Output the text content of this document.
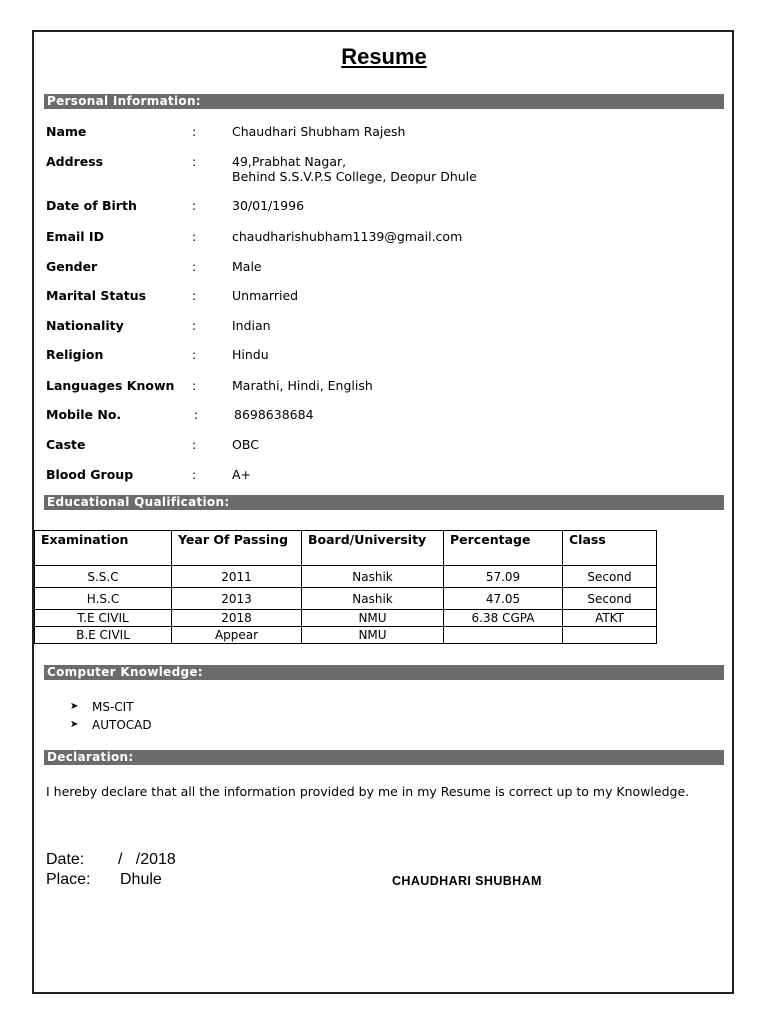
Resume
Personal Information:
Name	:	Chaudhari Shubham Rajesh
Address	:	49,Prabhat Nagar,
Behind S.S.V.P.S College, Deopur Dhule
Date of Birth	:	30/01/1996
Email ID	:	chaudharishubham1139@gmail.com
Gender	:	Male
Marital Status	:	Unmarried
Nationality	:	Indian
Religion	:	Hindu
Languages Known :	Marathi, Hindi, English
Mobile No.	:	8698638684
Caste	:	OBC
Blood Group	:	A+
Educational Qualification:
Examination	Year Of Passing	Board/University	Percentage	Class
S.S.C	2011	Nashik	57.09	Second
H.S.C	2013	Nashik	47.05	Second
T.E CIVIL	2018	NMU	6.38 CGPA	ATKT
B.E CIVIL	Appear	NMU		
Computer Knowledge:
➤	MS-CIT
➤	AUTOCAD
Declaration:
I hereby declare that all the information provided by me in my Resume is correct up to my Knowledge.
Date: /   /2018
Place: Dhule	CHAUDHARI SHUBHAM
